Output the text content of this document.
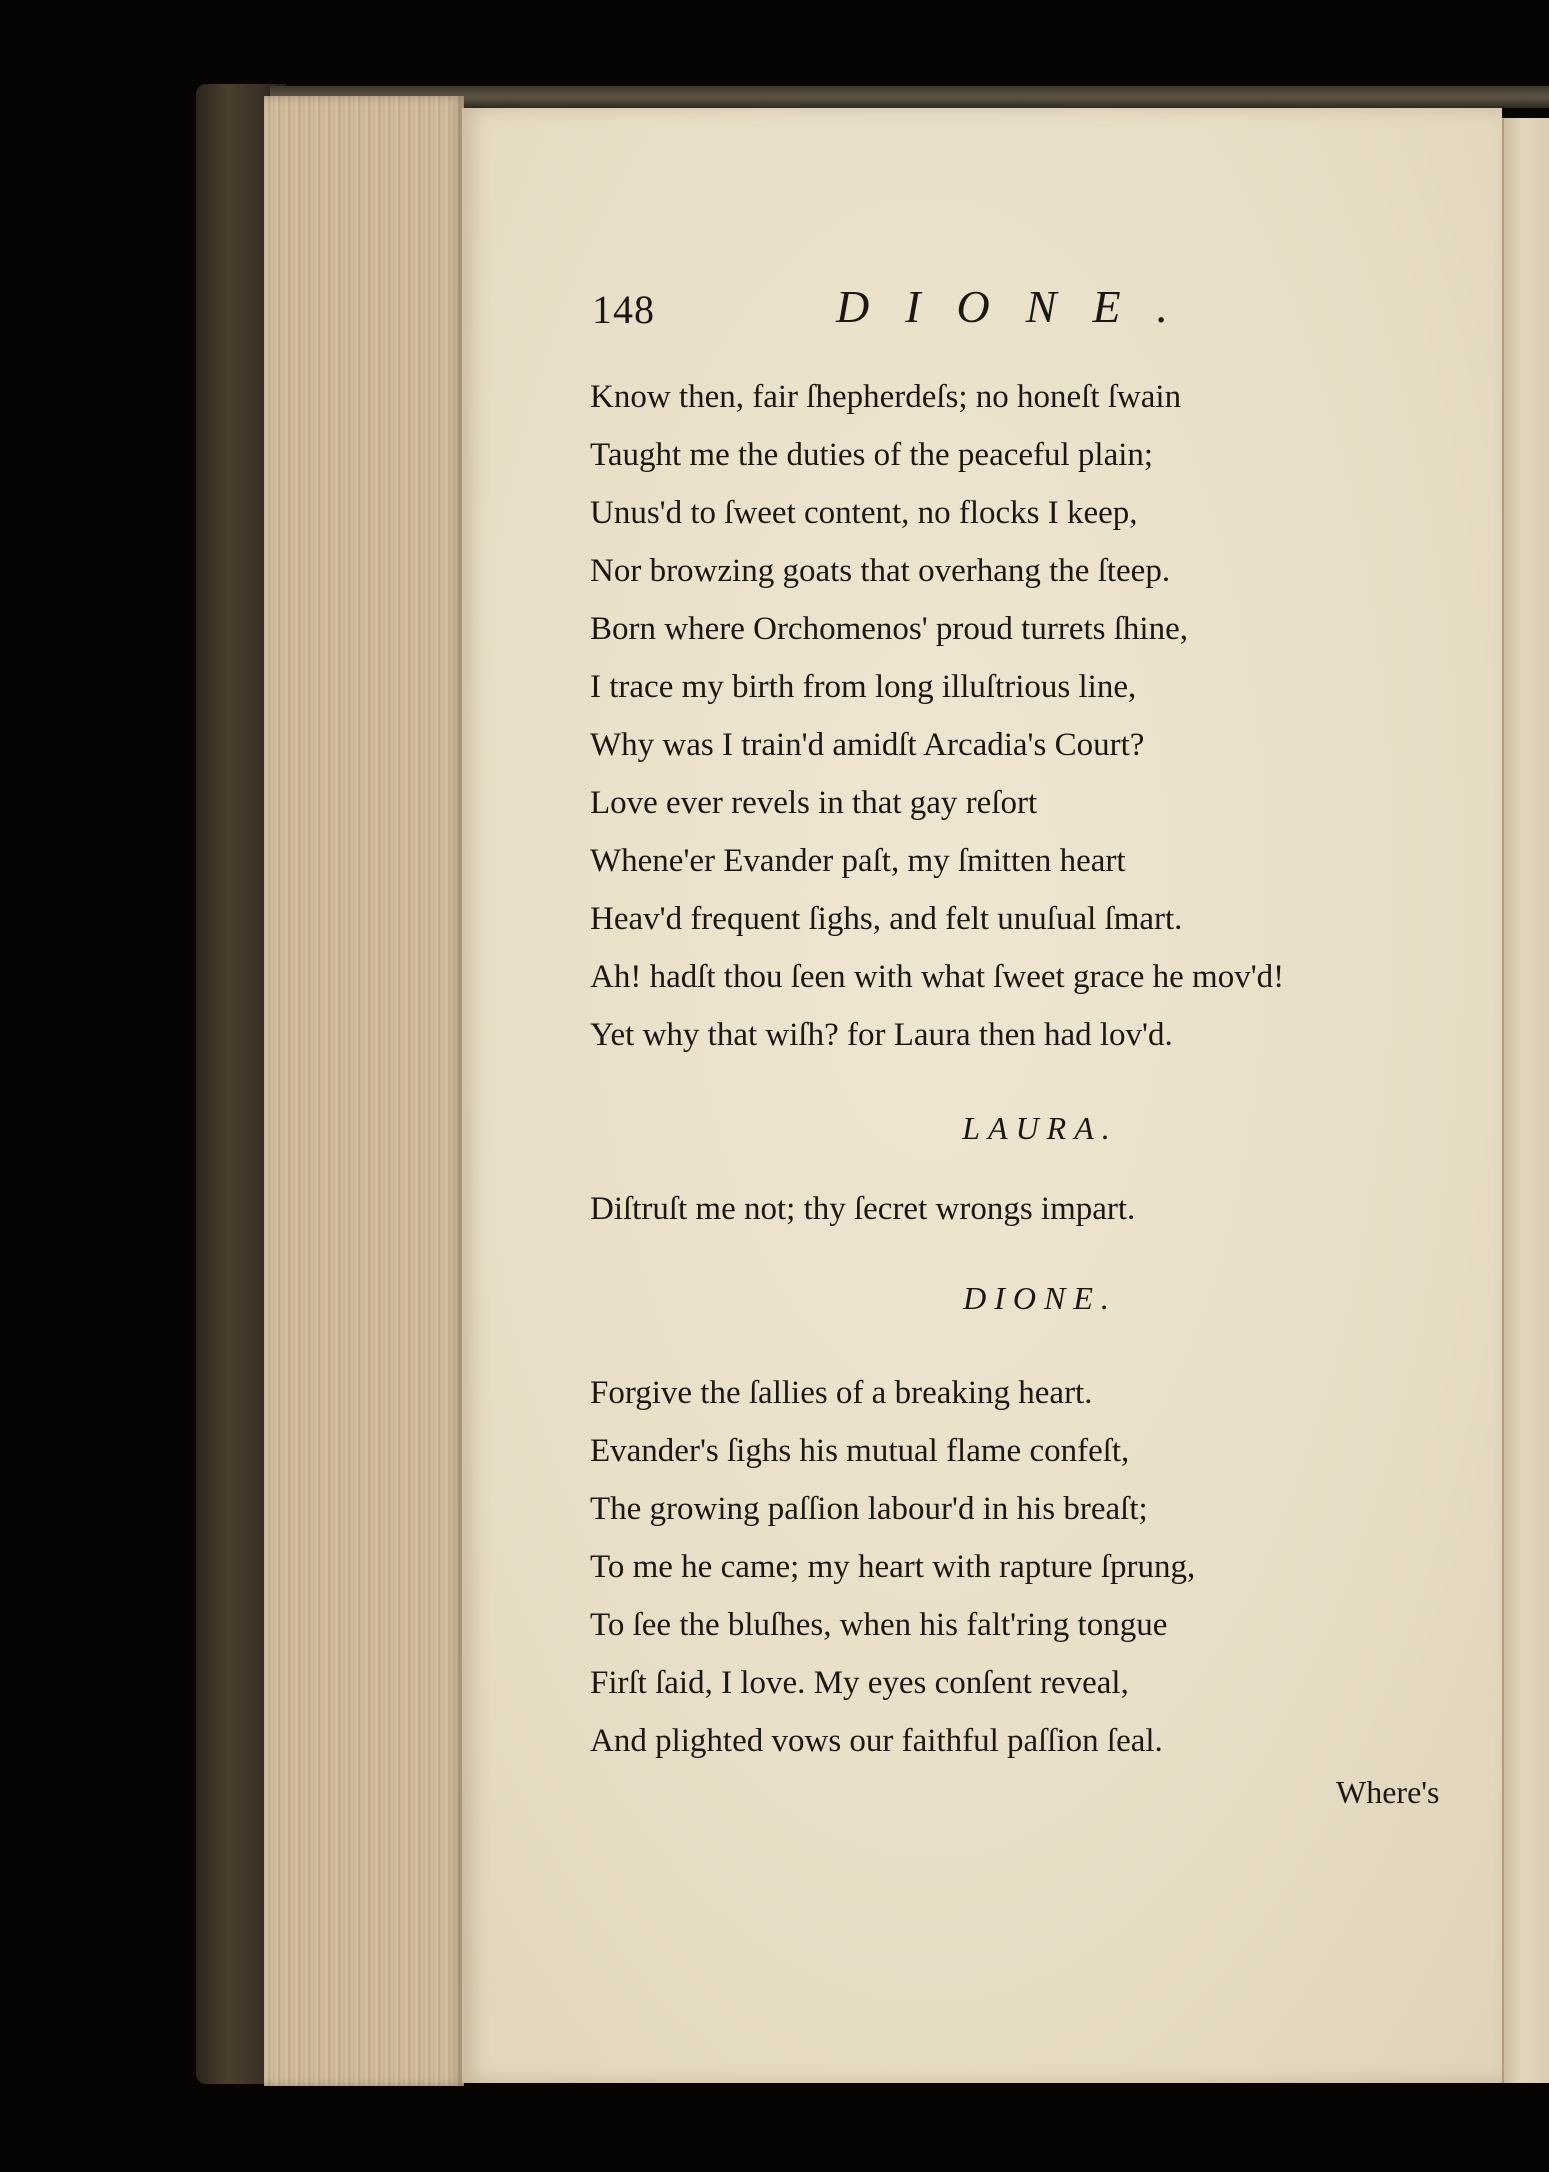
148	DIONE.
Know then, fair ſhepherdeſs; no honeſt ſwain
Taught me the duties of the peaceful plain;
Unus'd to ſweet content, no flocks I keep,
Nor browzing goats that overhang the ſteep.
Born where Orchomenos' proud turrets ſhine,
I trace my birth from long illuſtrious line,
Why was I train'd amidſt Arcadia's Court?
Love ever revels in that gay reſort
Whene'er Evander paſt, my ſmitten heart
Heav'd frequent ſighs, and felt unuſual ſmart.
Ah! hadſt thou ſeen with what ſweet grace he mov'd!
Yet why that wiſh? for Laura then had lov'd.
LAURA.
Diſtruſt me not; thy ſecret wrongs impart.
DIONE.
Forgive the ſallies of a breaking heart.
Evander's ſighs his mutual flame confeſt,
The growing paſſion labour'd in his breaſt;
To me he came; my heart with rapture ſprung,
To ſee the bluſhes, when his falt'ring tongue
Firſt ſaid, I love. My eyes conſent reveal,
And plighted vows our faithful paſſion ſeal.
Where's
